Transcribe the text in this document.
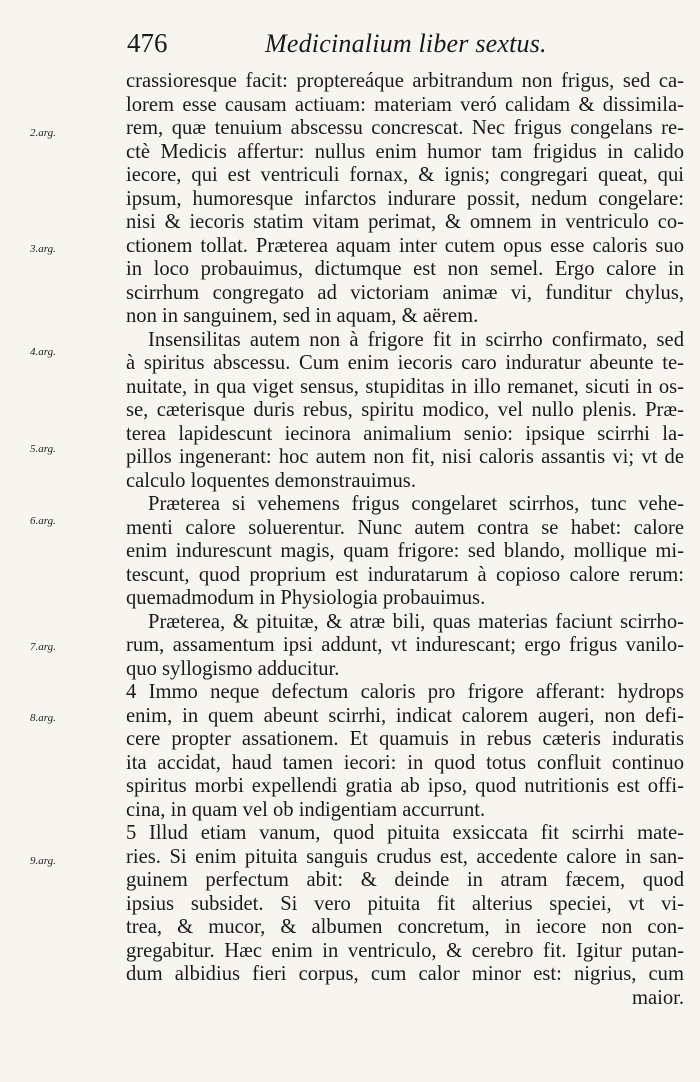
476	Medicinalium liber sextus.
2.arg.
3.arg.
4.arg.
5.arg.
6.arg.
7.arg.
8.arg.
9.arg.
crassioresque facit: proptereáque arbitrandum non frigus, sed ca-
lorem esse causam actiuam: materiam veró calidam & dissimila-
rem, quæ tenuium abscessu concrescat. Nec frigus congelans re-
ctè Medicis affertur: nullus enim humor tam frigidus in calido
iecore, qui est ventriculi fornax, & ignis; congregari queat, qui
ipsum, humoresque infarctos indurare possit, nedum congelare:
nisi & iecoris statim vitam perimat, & omnem in ventriculo co-
ctionem tollat. Præterea aquam inter cutem opus esse caloris suo
in loco probauimus, dictumque est non semel. Ergo calore in
scirrhum congregato ad victoriam animæ vi, funditur chylus,
non in sanguinem, sed in aquam, & aërem.
Insensilitas autem non à frigore fit in scirrho confirmato, sed
à spiritus abscessu. Cum enim iecoris caro induratur abeunte te-
nuitate, in qua viget sensus, stupiditas in illo remanet, sicuti in os-
se, cæterisque duris rebus, spiritu modico, vel nullo plenis. Præ-
terea lapidescunt iecinora animalium senio: ipsique scirrhi la-
pillos ingenerant: hoc autem non fit, nisi caloris assantis vi; vt de
calculo loquentes demonstrauimus.
Præterea si vehemens frigus congelaret scirrhos, tunc vehe-
menti calore soluerentur. Nunc autem contra se habet: calore
enim indurescunt magis, quam frigore: sed blando, mollique mi-
tescunt, quod proprium est induratarum à copioso calore rerum:
quemadmodum in Physiologia probauimus.
Præterea, & pituitæ, & atræ bili, quas materias faciunt scirrho-
rum, assamentum ipsi addunt, vt indurescant; ergo frigus vanilo-
quo syllogismo adducitur.
4 Immo neque defectum caloris pro frigore afferant: hydrops
enim, in quem abeunt scirrhi, indicat calorem augeri, non defi-
cere propter assationem. Et quamuis in rebus cæteris induratis
ita accidat, haud tamen iecori: in quod totus confluit continuo
spiritus morbi expellendi gratia ab ipso, quod nutritionis est offi-
cina, in quam vel ob indigentiam accurrunt.
5 Illud etiam vanum, quod pituita exsiccata fit scirrhi mate-
ries. Si enim pituita sanguis crudus est, accedente calore in san-
guinem perfectum abit: & deinde in atram fæcem, quod
ipsius subsidet. Si vero pituita fit alterius speciei, vt vi-
trea, & mucor, & albumen concretum, in iecore non con-
gregabitur. Hæc enim in ventriculo, & cerebro fit. Igitur putan-
dum albidius fieri corpus, cum calor minor est: nigrius, cum
maior.
